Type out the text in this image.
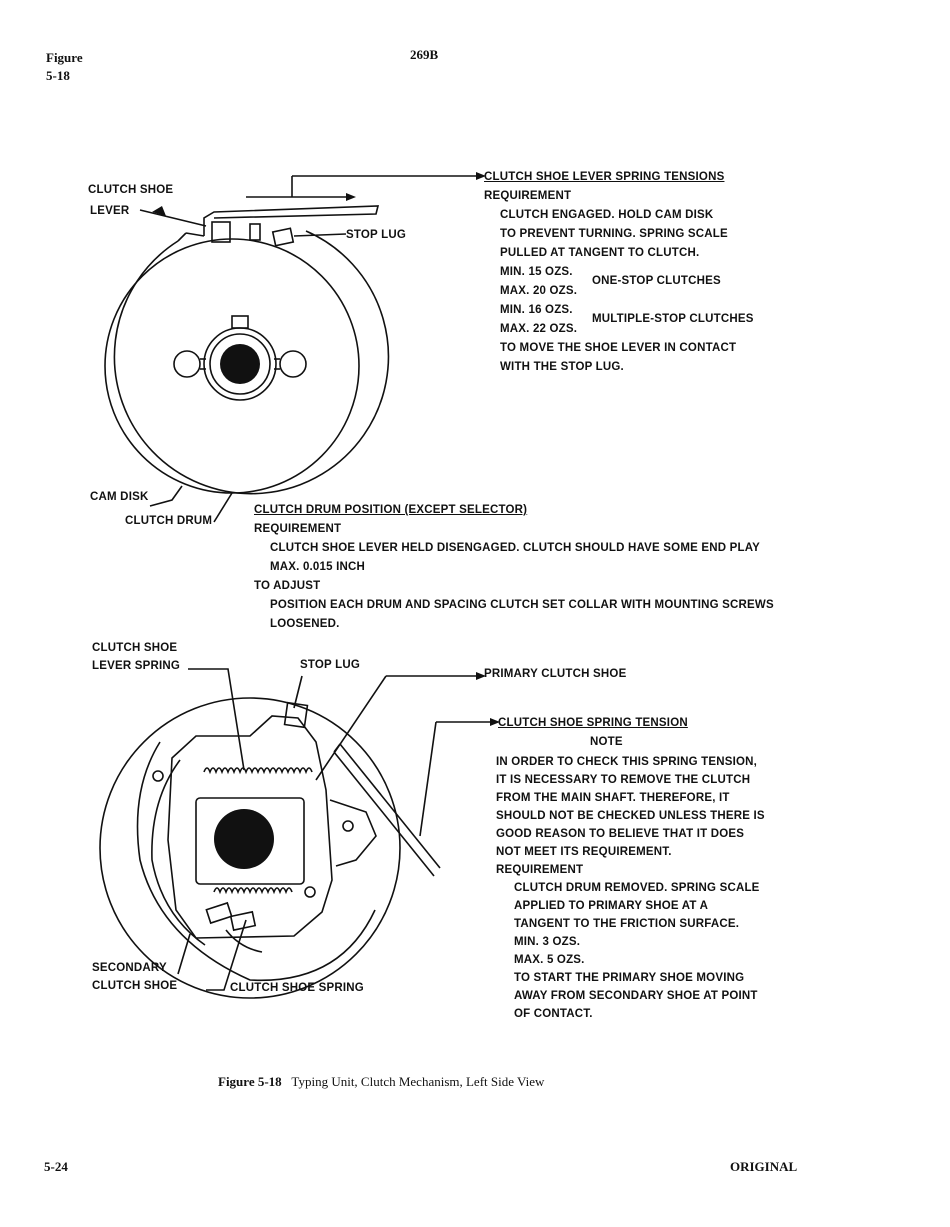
Figure
5-18
269B
CLUTCH SHOE
LEVER
STOP LUG
CAM DISK
CLUTCH DRUM
CLUTCH SHOE LEVER SPRING TENSIONS
REQUIREMENT
CLUTCH ENGAGED. HOLD CAM DISK
TO PREVENT TURNING. SPRING SCALE
PULLED AT TANGENT TO CLUTCH.
MIN. 15 OZS.
MAX. 20 OZS.
ONE-STOP CLUTCHES
MIN. 16 OZS.
MAX. 22 OZS.
MULTIPLE-STOP CLUTCHES
TO MOVE THE SHOE LEVER IN CONTACT
WITH THE STOP LUG.
CLUTCH DRUM POSITION (EXCEPT SELECTOR)
REQUIREMENT
CLUTCH SHOE LEVER HELD DISENGAGED. CLUTCH SHOULD HAVE SOME END PLAY
MAX. 0.015 INCH
TO ADJUST
POSITION EACH DRUM AND SPACING CLUTCH SET COLLAR WITH MOUNTING SCREWS
LOOSENED.
CLUTCH SHOE
LEVER SPRING	STOP LUG
PRIMARY CLUTCH SHOE
SECONDARY
CLUTCH SHOE	CLUTCH SHOE SPRING
CLUTCH SHOE SPRING TENSION
NOTE
IN ORDER TO CHECK THIS SPRING TENSION,
IT IS NECESSARY TO REMOVE THE CLUTCH
FROM THE MAIN SHAFT. THEREFORE, IT
SHOULD NOT BE CHECKED UNLESS THERE IS
GOOD REASON TO BELIEVE THAT IT DOES
NOT MEET ITS REQUIREMENT.
REQUIREMENT
CLUTCH DRUM REMOVED. SPRING SCALE
APPLIED TO PRIMARY SHOE AT A
TANGENT TO THE FRICTION SURFACE.
MIN. 3 OZS.
MAX. 5 OZS.
TO START THE PRIMARY SHOE MOVING
AWAY FROM SECONDARY SHOE AT POINT
OF CONTACT.
Figure 5-18 Typing Unit, Clutch Mechanism, Left Side View
5-24	ORIGINAL
